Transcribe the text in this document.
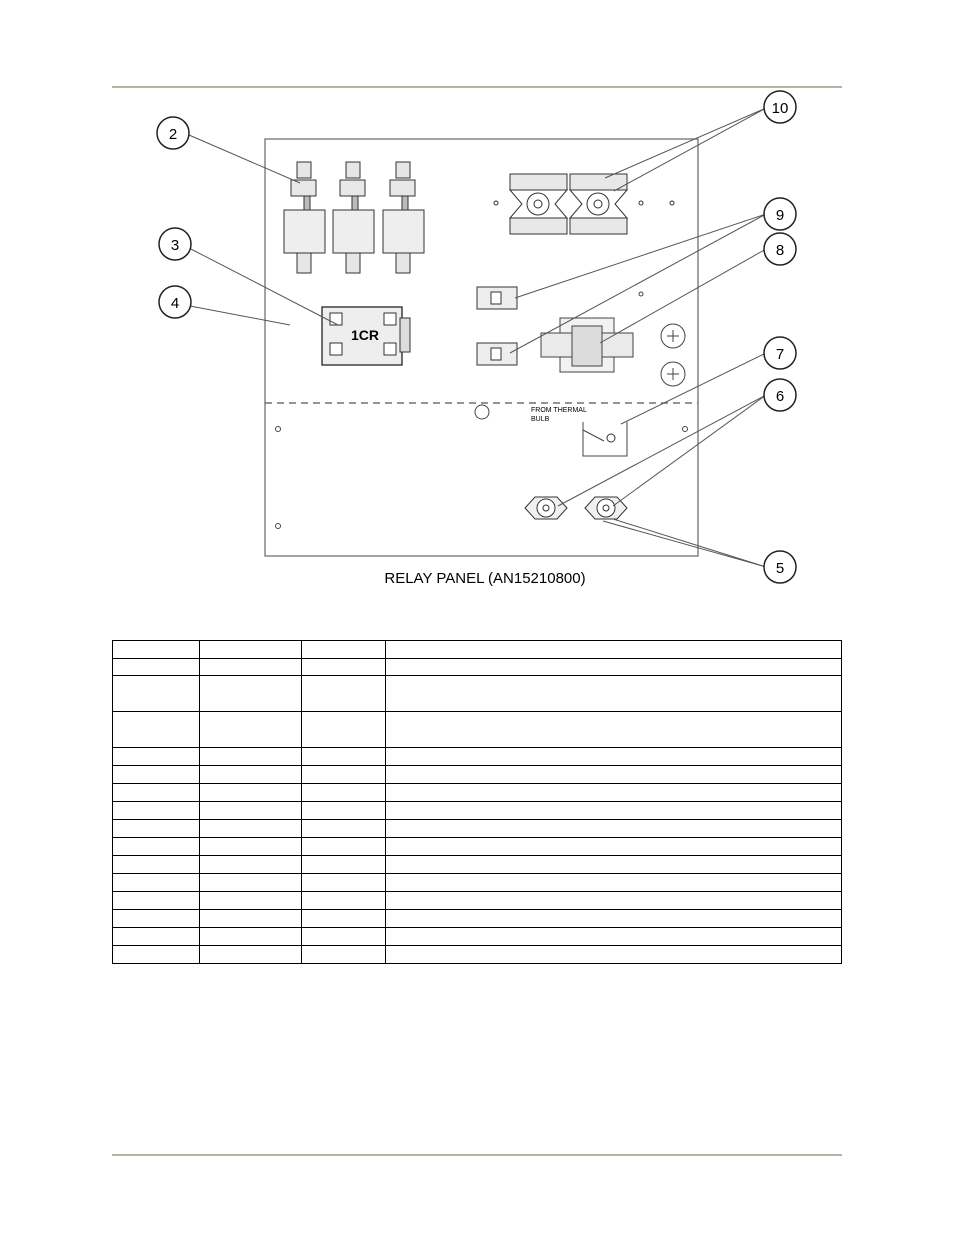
1CR
FROM THERMAL
BULB
2
3
4
10
9
8
7
6
5
RELAY PANEL (AN15210800)
